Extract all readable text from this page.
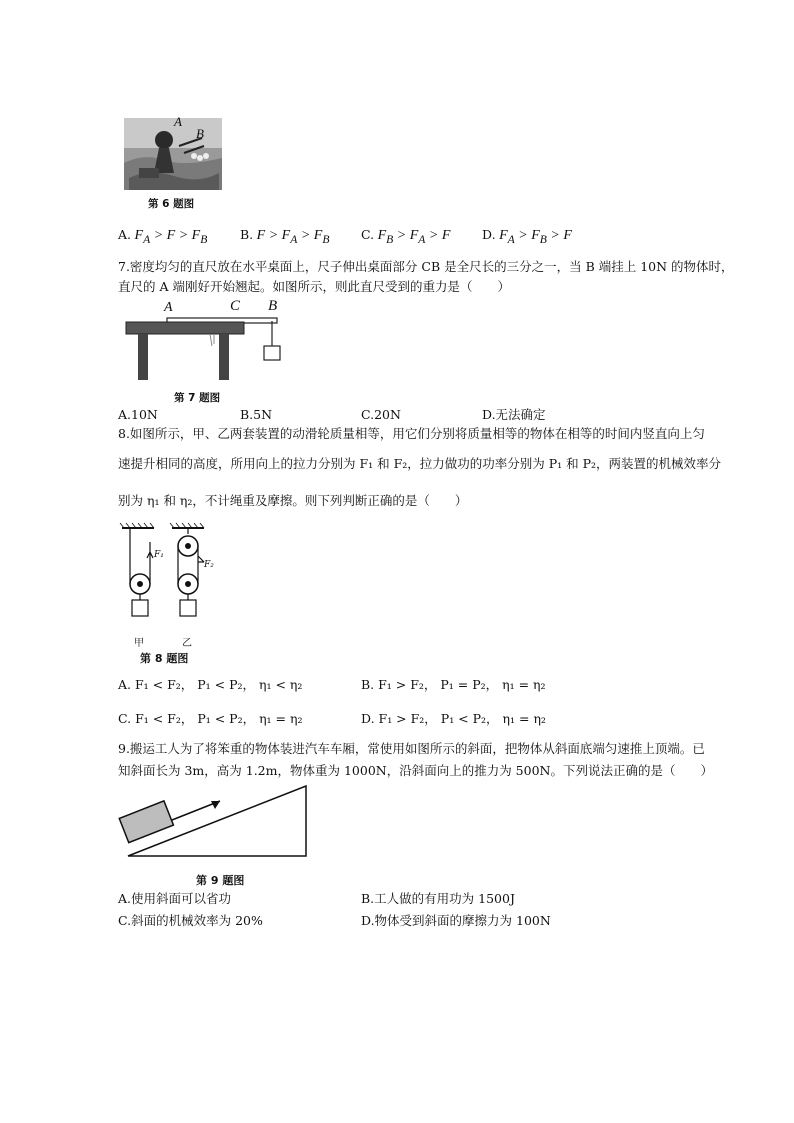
A
B
第 6 题图
A. $F_A > F > F_B$	B. $F > F_A > F_B$	C. $F_B > F_A > F$	D. $F_A > F_B > F$
7.密度均匀的直尺放在水平桌面上，尺子伸出桌面部分 CB 是全尺长的三分之一，当 B 端挂上 10N 的物体时，
直尺的 A 端刚好开始翘起。如图所示，则此直尺受到的重力是（　　）
A	C B
第 7 题图
A.10N	B.5N	C.20N	D.无法确定
8.如图所示，甲、乙两套装置的动滑轮质量相等，用它们分别将质量相等的物体在相等的时间内竖直向上匀
速提升相同的高度，所用向上的拉力分别为 F₁ 和 F₂，拉力做功的功率分别为 P₁ 和 P₂，两装置的机械效率分
别为 η₁ 和 η₂，不计绳重及摩擦。则下列判断正确的是（　　）
F₁
F₂
甲	乙
第 8 题图
A. F₁ < F₂， P₁ < P₂， η₁ < η₂	B. F₁ > F₂， P₁ = P₂， η₁ = η₂
C. F₁ < F₂， P₁ < P₂， η₁ = η₂	D. F₁ > F₂， P₁ < P₂， η₁ = η₂
9.搬运工人为了将笨重的物体装进汽车车厢，常使用如图所示的斜面，把物体从斜面底端匀速推上顶端。已
知斜面长为 3m，高为 1.2m，物体重为 1000N，沿斜面向上的推力为 500N。下列说法正确的是（　　）
第 9 题图
A.使用斜面可以省功	B.工人做的有用功为 1500J
C.斜面的机械效率为 20%	D.物体受到斜面的摩擦力为 100N
